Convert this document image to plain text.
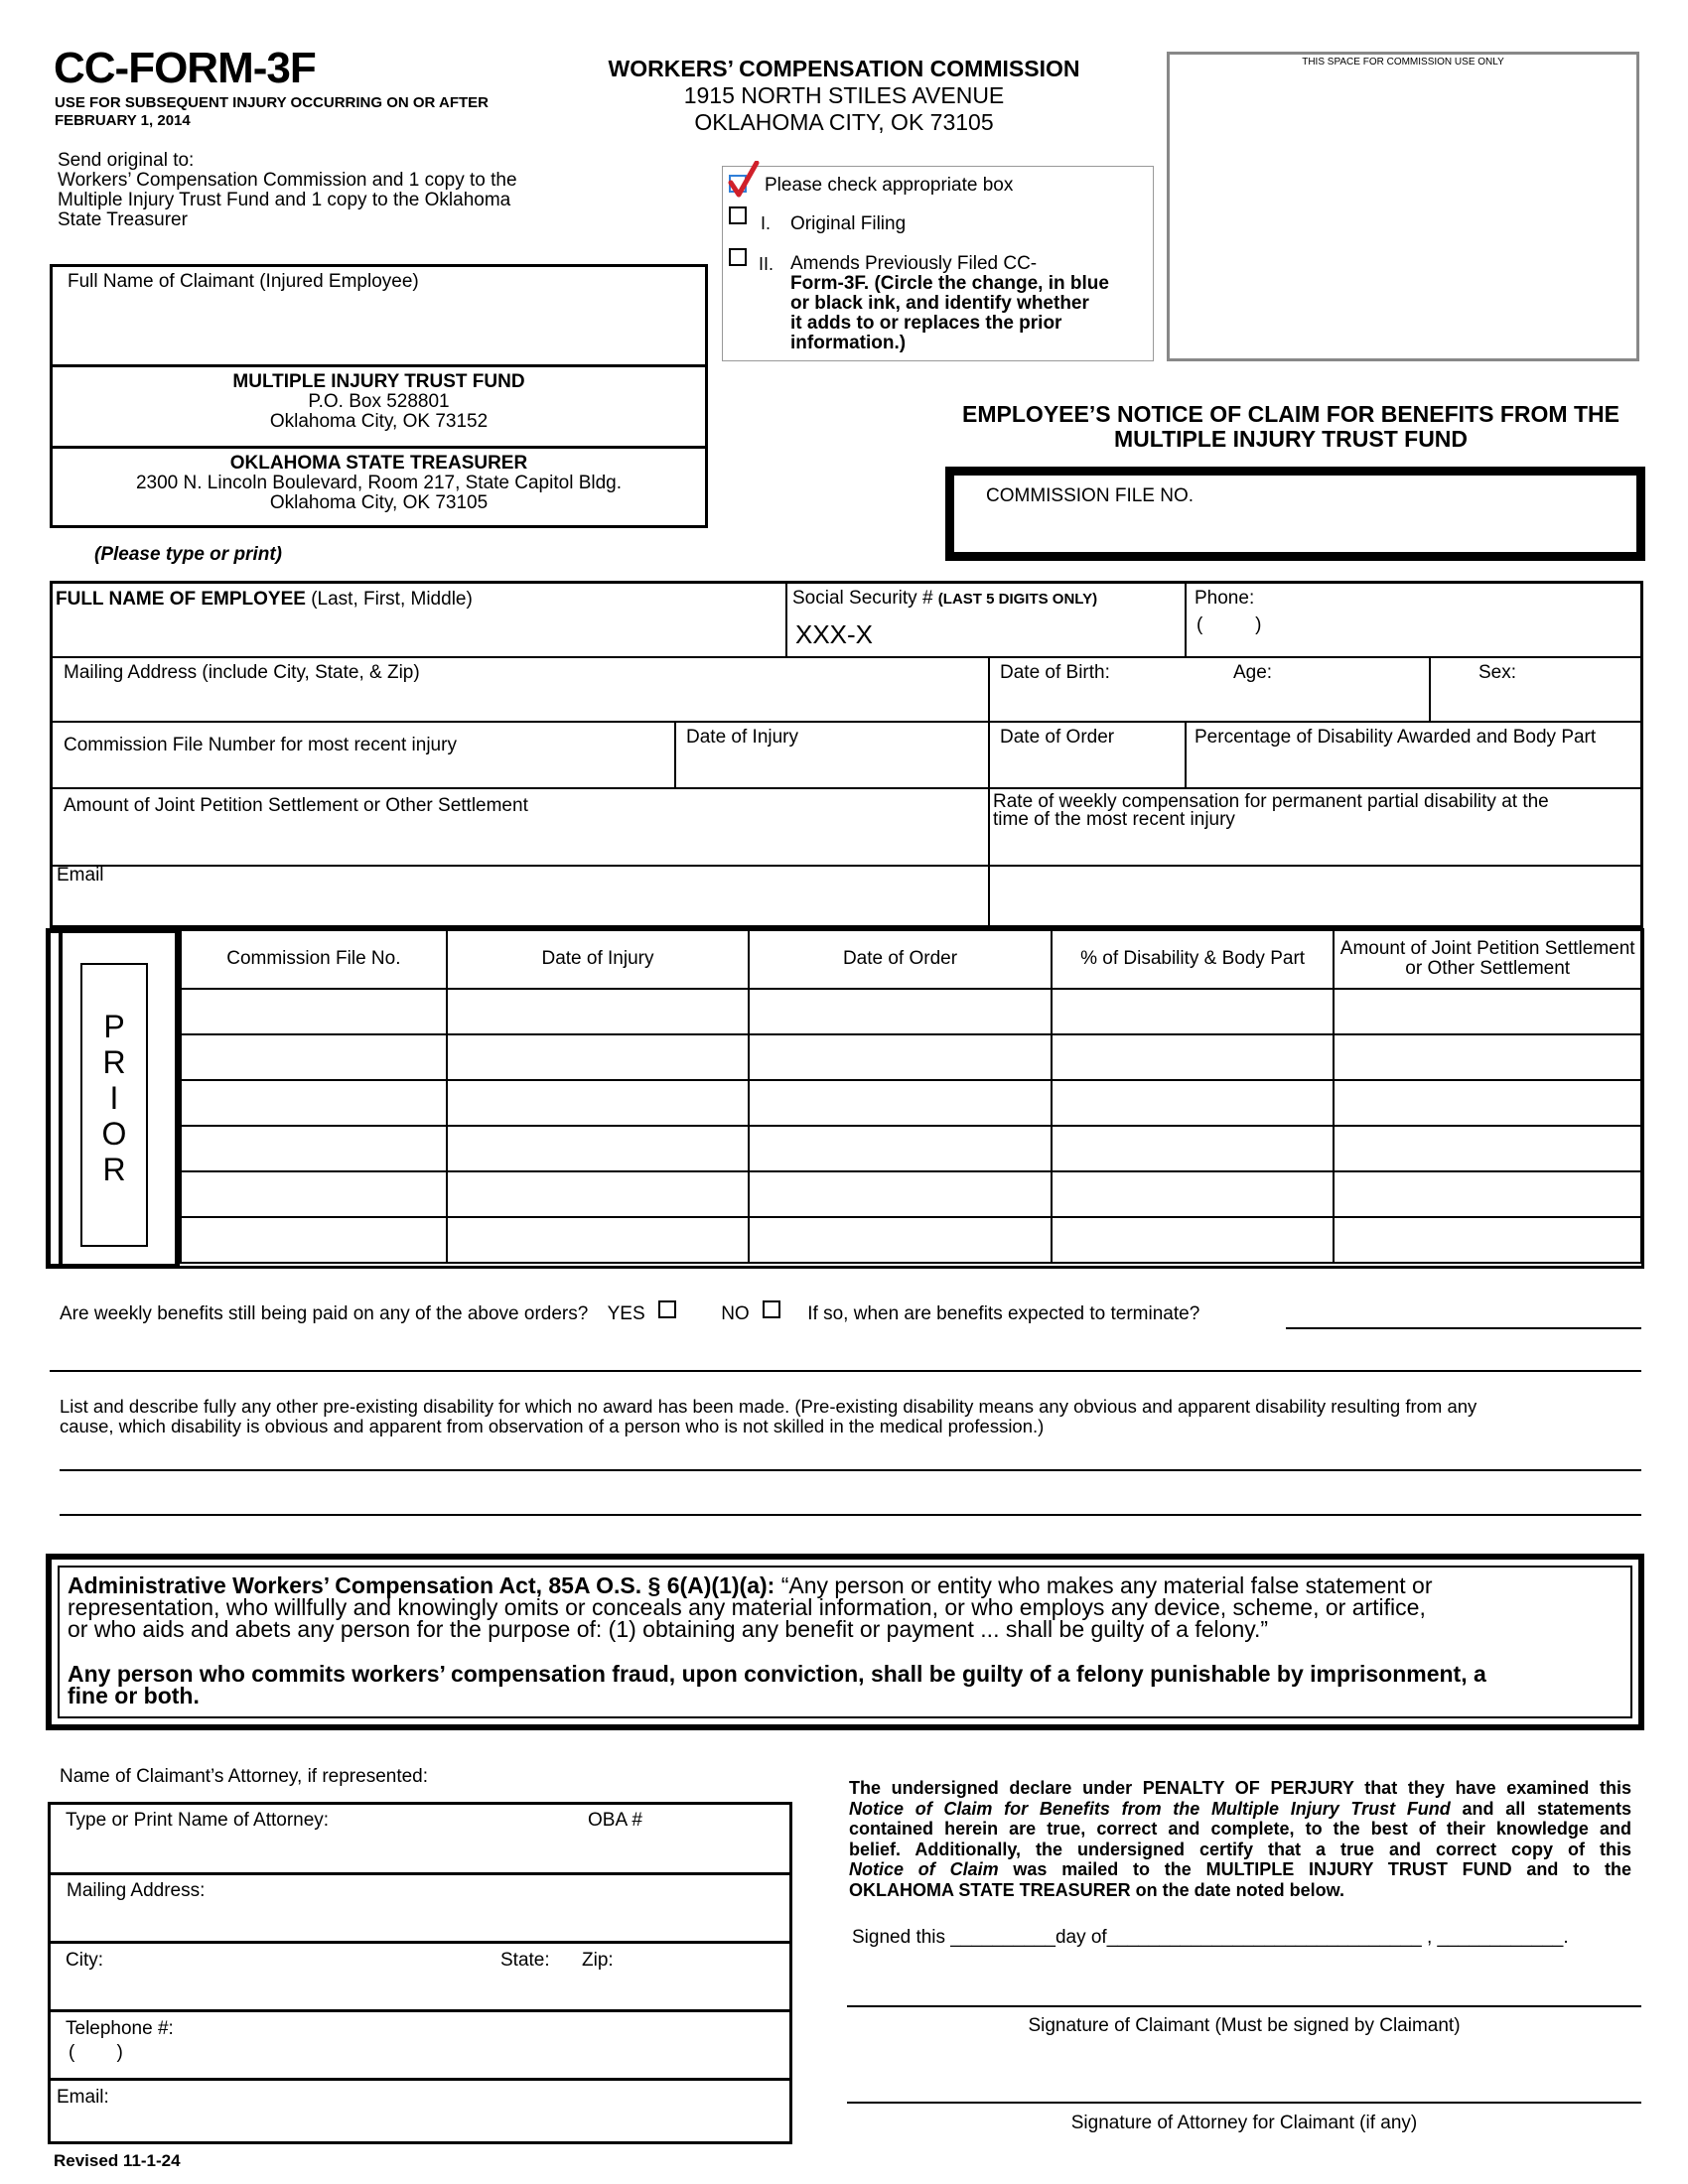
CC-FORM-3F
USE FOR SUBSEQUENT INJURY OCCURRING ON OR AFTER
FEBRUARY 1, 2014
Send original to:
Workers’ Compensation Commission and 1 copy to the
Multiple Injury Trust Fund and 1 copy to the Oklahoma
State Treasurer
WORKERS’ COMPENSATION COMMISSION
1915 NORTH STILES AVENUE
OKLAHOMA CITY, OK 73105
THIS SPACE FOR COMMISSION USE ONLY
Please check appropriate box
I. Original Filing
II. Amends Previously Filed CC-
Form-3F. (Circle the change, in blue
or black ink, and identify whether
it adds to or replaces the prior
information.)
Full Name of Claimant (Injured Employee)
MULTIPLE INJURY TRUST FUND
P.O. Box 528801
Oklahoma City, OK 73152
OKLAHOMA STATE TREASURER
2300 N. Lincoln Boulevard, Room 217, State Capitol Bldg.
Oklahoma City, OK 73105
EMPLOYEE’S NOTICE OF CLAIM FOR BENEFITS FROM THE
MULTIPLE INJURY TRUST FUND
COMMISSION FILE NO.
(Please type or print)
FULL NAME OF EMPLOYEE (Last, First, Middle)	Social Security # (LAST 5 DIGITS ONLY)
XXX-X
Phone:
(          )
Mailing Address (include City, State, & Zip)	Date of Birth:	Age:	Sex:
Commission File Number for most recent injury	Date of Injury	Date of Order	Percentage of Disability Awarded and Body Part
Amount of Joint Petition Settlement or Other Settlement	Rate of weekly compensation for permanent partial disability at the
time of the most recent injury
Email
P
R
I
O
R
Commission File No.	Date of Injury	Date of Order	% of Disability & Body Part	Amount of Joint Petition Settlement or Other Settlement

Are weekly benefits still being paid on any of the above orders? YES	NO	If so, when are benefits expected to terminate?
List and describe fully any other pre-existing disability for which no award has been made. (Pre-existing disability means any obvious and apparent disability resulting from any
cause, which disability is obvious and apparent from observation of a person who is not skilled in the medical profession.)
Administrative Workers’ Compensation Act, 85A O.S. § 6(A)(1)(a): “Any person or entity who makes any material false statement or
representation, who willfully and knowingly omits or conceals any material information, or who employs any device, scheme, or artifice,
or who aids and abets any person for the purpose of: (1) obtaining any benefit or payment ... shall be guilty of a felony.”
Any person who commits workers’ compensation fraud, upon conviction, shall be guilty of a felony punishable by imprisonment, a
fine or both.
Name of Claimant’s Attorney, if represented:
Type or Print Name of Attorney:	OBA #
Mailing Address:
City:	State: Zip:
Telephone #:
(        )
Email:
The undersigned declare under PENALTY OF PERJURY that they have examined this
Notice of Claim for Benefits from the Multiple Injury Trust Fund and all statements
contained herein are true, correct and complete, to the best of their knowledge and
belief. Additionally, the undersigned certify that a true and correct copy of this
Notice of Claim was mailed to the MULTIPLE INJURY TRUST FUND and to the
OKLAHOMA STATE TREASURER on the date noted below.
Signed this __________day of______________________________ , ____________.
Signature of Claimant (Must be signed by Claimant)
Signature of Attorney for Claimant (if any)
Revised 11-1-24
